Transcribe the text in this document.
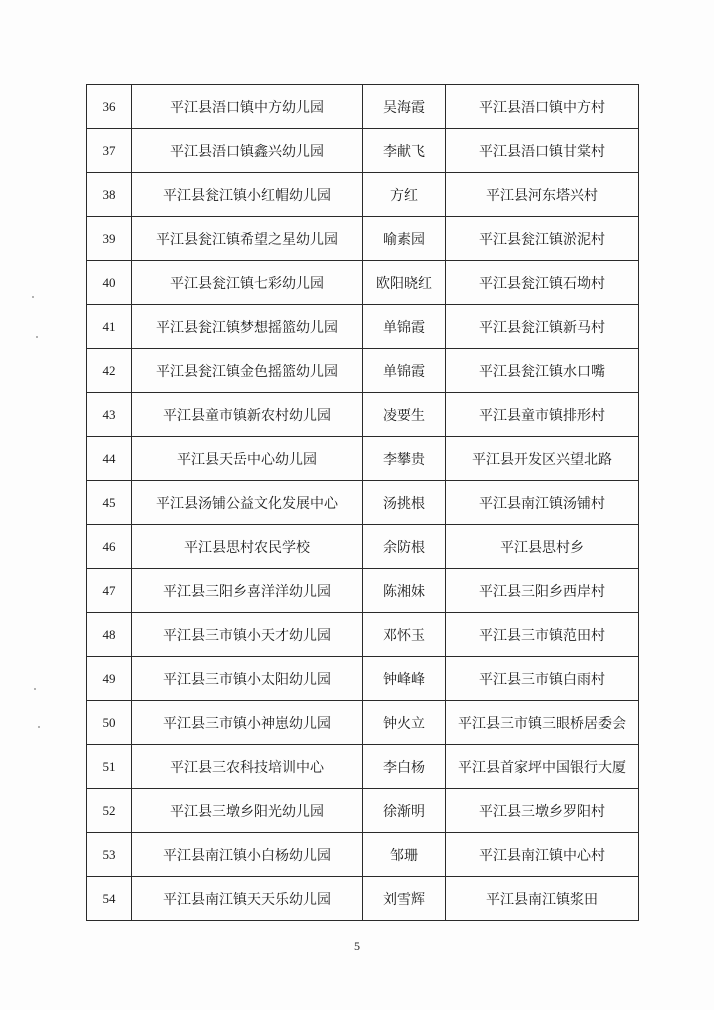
36	平江县浯口镇中方幼儿园	吴海霞	平江县浯口镇中方村
37	平江县浯口镇鑫兴幼儿园	李献飞	平江县浯口镇甘棠村
38	平江县瓮江镇小红帽幼儿园	方红	平江县河东塔兴村
39	平江县瓮江镇希望之星幼儿园	喻素园	平江县瓮江镇淤泥村
40	平江县瓮江镇七彩幼儿园	欧阳晓红	平江县瓮江镇石坳村
41	平江县瓮江镇梦想摇篮幼儿园	单锦霞	平江县瓮江镇新马村
42	平江县瓮江镇金色摇篮幼儿园	单锦霞	平江县瓮江镇水口嘴
43	平江县童市镇新农村幼儿园	凌要生	平江县童市镇排形村
44	平江县天岳中心幼儿园	李攀贵	平江县开发区兴望北路
45	平江县汤铺公益文化发展中心	汤挑根	平江县南江镇汤铺村
46	平江县思村农民学校	余防根	平江县思村乡
47	平江县三阳乡喜洋洋幼儿园	陈湘妹	平江县三阳乡西岸村
48	平江县三市镇小天才幼儿园	邓怀玉	平江县三市镇范田村
49	平江县三市镇小太阳幼儿园	钟峰峰	平江县三市镇白雨村
50	平江县三市镇小神崽幼儿园	钟火立	平江县三市镇三眼桥居委会
51	平江县三农科技培训中心	李白杨	平江县首家坪中国银行大厦
52	平江县三墩乡阳光幼儿园	徐渐明	平江县三墩乡罗阳村
53	平江县南江镇小白杨幼儿园	邹珊	平江县南江镇中心村
54	平江县南江镇天天乐幼儿园	刘雪辉	平江县南江镇浆田
5
